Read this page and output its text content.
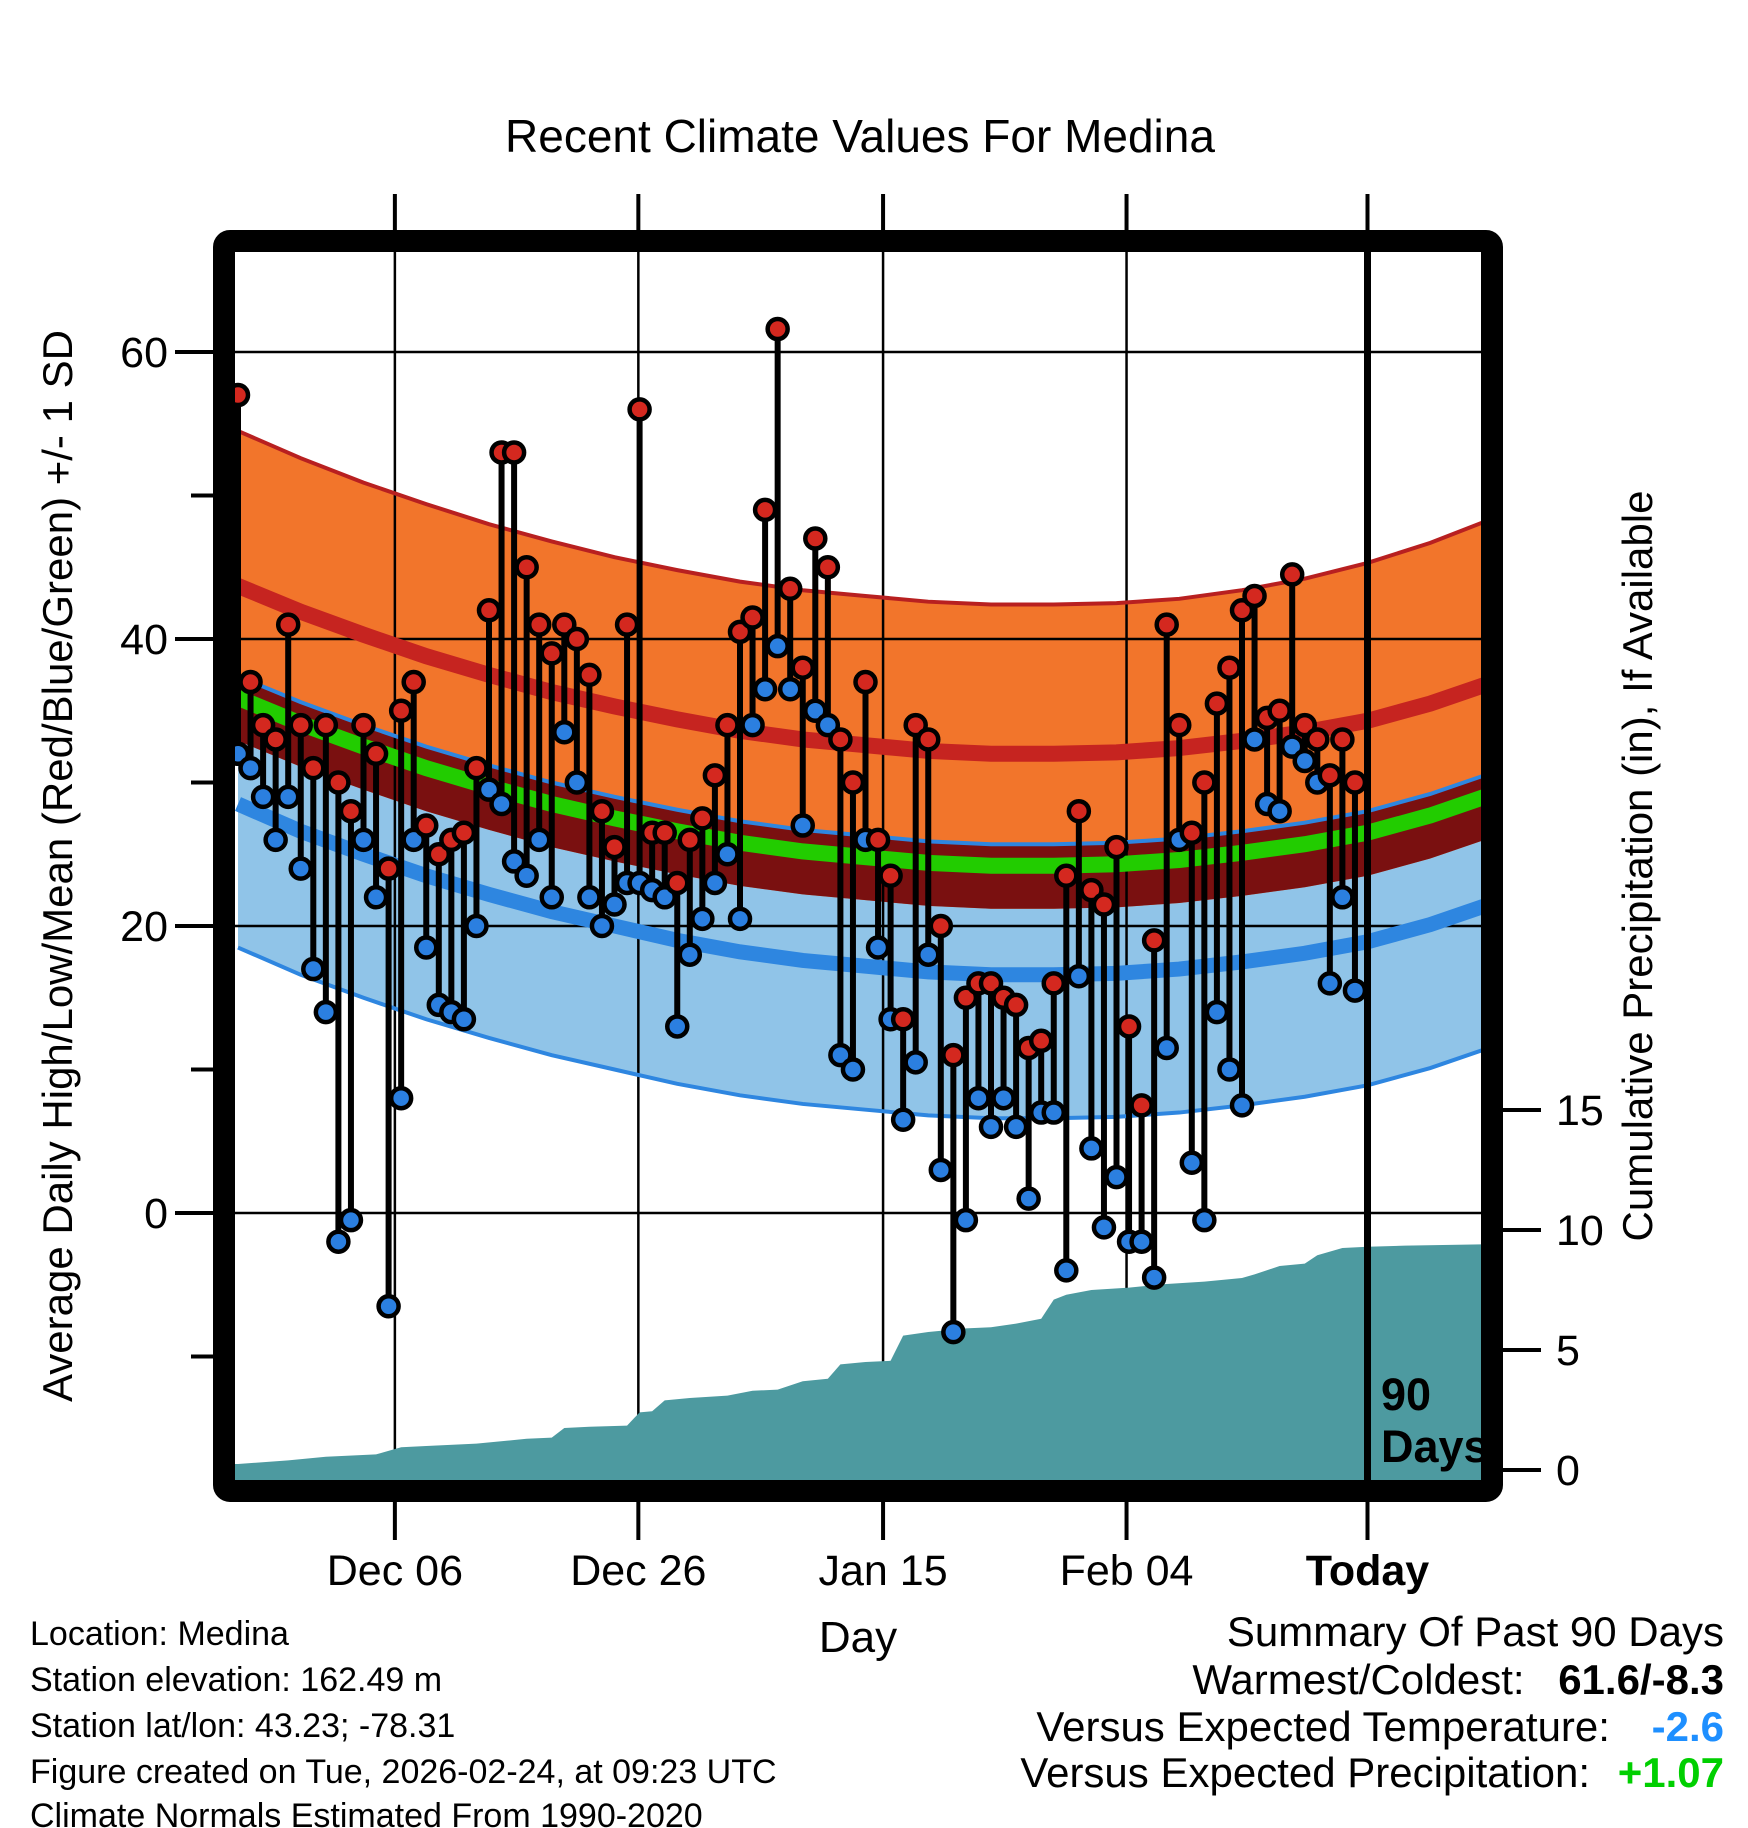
Dec 06 Dec 26	Jan 15	Feb 04	Today
0
20
40
60
0
5
10
15
Recent Climate Values For Medina
Average Daily High/Low/Mean (Red/Blue/Green) +/- 1 SD	Cumulative Precipitation (in), If Available
Day
90
Days
Location: Medina
Station elevation: 162.49 m
Station lat/lon: 43.23; -78.31
Figure created on Tue, 2026-02-24, at 09:23 UTC
Climate Normals Estimated From 1990-2020
Summary Of Past 90 Days
Warmest/Coldest: 61.6/-8.3
Versus Expected Temperature: -2.6
Versus Expected Precipitation: +1.07
